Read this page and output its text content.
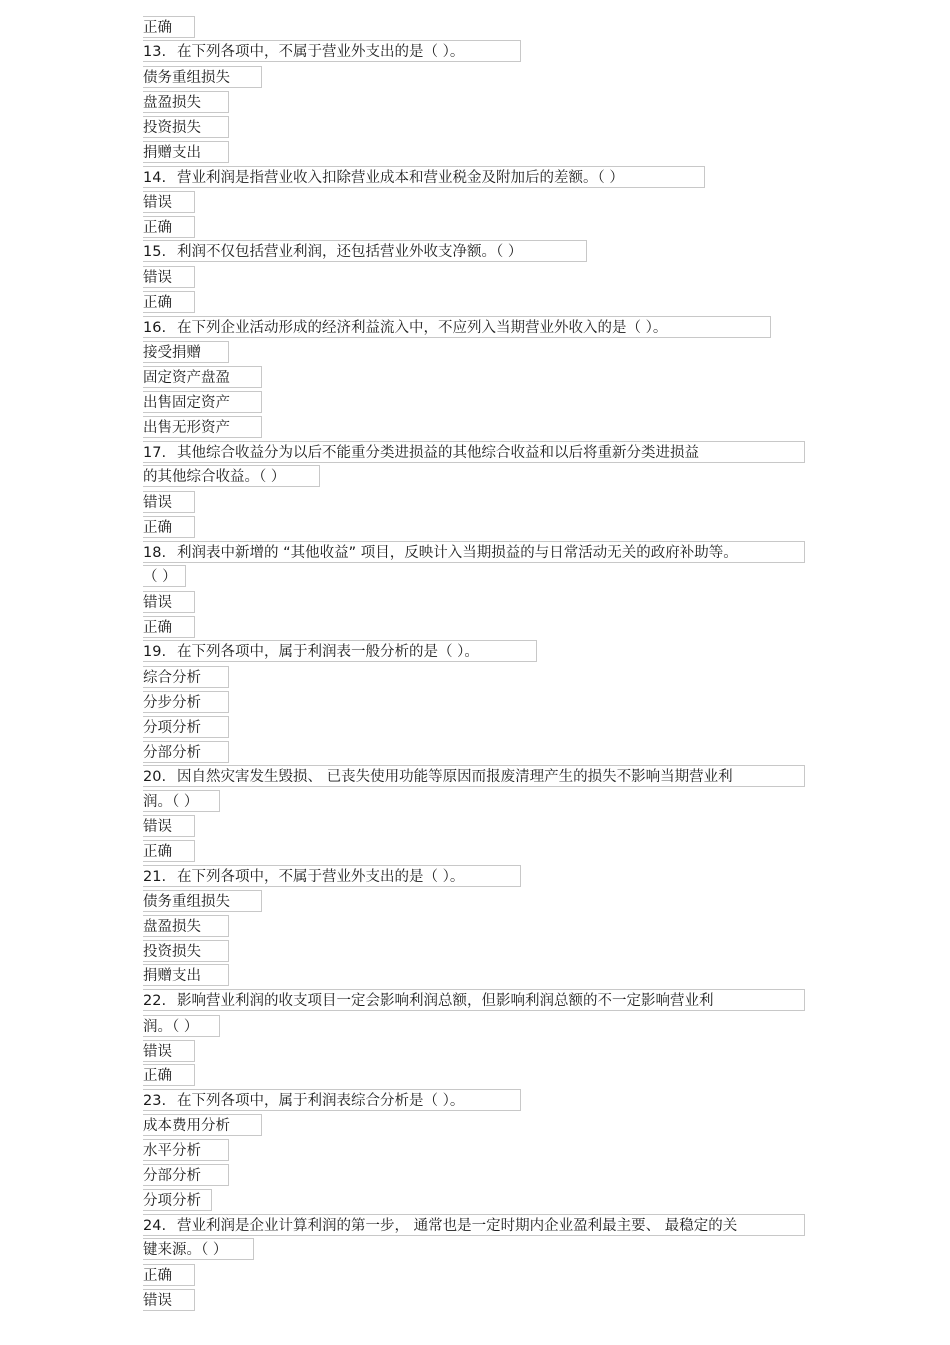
正确
13. 在下列各项中，不属于营业外支出的是（ ）。
债务重组损失
盘盈损失
投资损失
捐赠支出
14. 营业利润是指营业收入扣除营业成本和营业税金及附加后的差额。（ ）
错误
正确
15. 利润不仅包括营业利润，还包括营业外收支净额。（ ）
错误
正确
16. 在下列企业活动形成的经济利益流入中，不应列入当期营业外收入的是（ ）。
接受捐赠
固定资产盘盈
出售固定资产
出售无形资产
17. 其他综合收益分为以后不能重分类进损益的其他综合收益和以后将重新分类进损益
的其他综合收益。（ ）
错误
正确
18. 利润表中新增的 “其他收益” 项目，反映计入当期损益的与日常活动无关的政府补助等。
（ ）
错误
正确
19. 在下列各项中，属于利润表一般分析的是（ ）。
综合分析
分步分析
分项分析
分部分析
20. 因自然灾害发生毁损、 已丧失使用功能等原因而报废清理产生的损失不影响当期营业利
润。（ ）
错误
正确
21. 在下列各项中，不属于营业外支出的是（ ）。
债务重组损失
盘盈损失
投资损失
捐赠支出
22. 影响营业利润的收支项目一定会影响利润总额，但影响利润总额的不一定影响营业利
润。（ ）
错误
正确
23. 在下列各项中，属于利润表综合分析是（ ）。
成本费用分析
水平分析
分部分析
分项分析
24. 营业利润是企业计算利润的第一步， 通常也是一定时期内企业盈利最主要、 最稳定的关
键来源。（ ）
正确
错误
